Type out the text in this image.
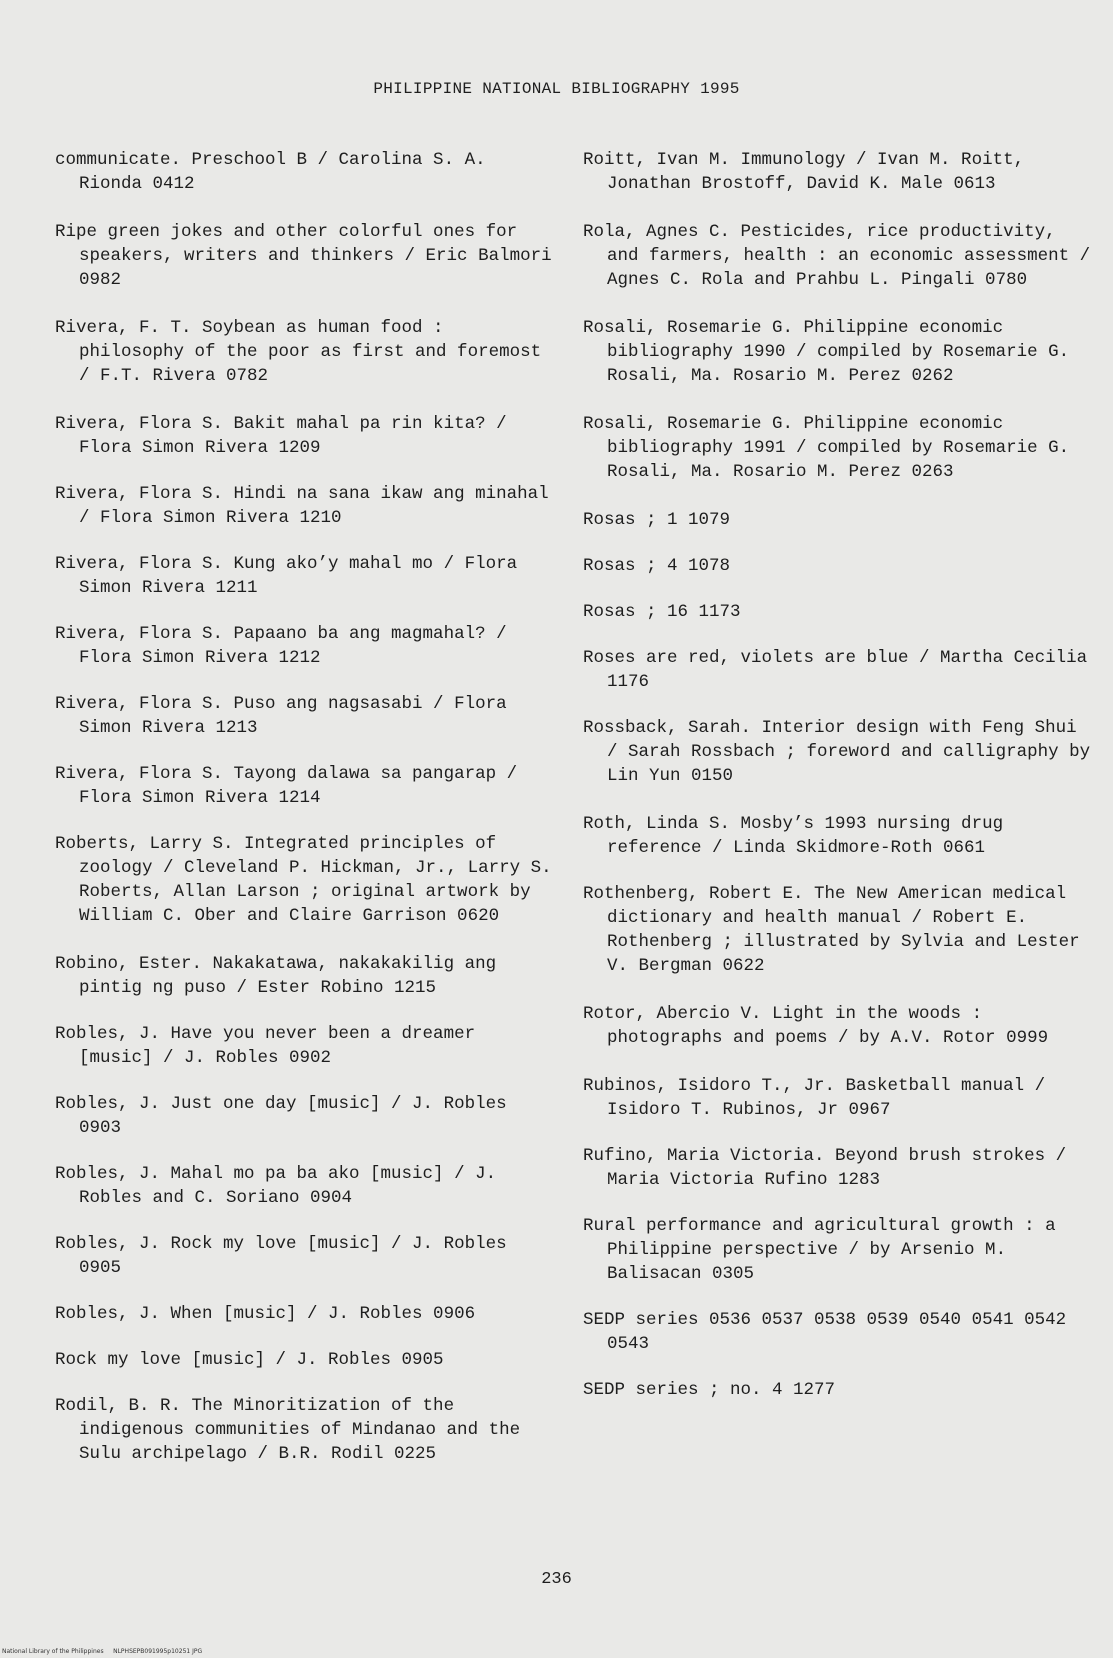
PHILIPPINE NATIONAL BIBLIOGRAPHY 1995

communicate. Preschool B / Carolina S. A. Rionda 0412

Ripe green jokes and other colorful ones for speakers, writers and thinkers / Eric Balmori 0982

Rivera, F. T. Soybean as human food : philosophy of the poor as first and foremost / F.T. Rivera 0782

Rivera, Flora S. Bakit mahal pa rin kita? / Flora Simon Rivera 1209

Rivera, Flora S. Hindi na sana ikaw ang minahal / Flora Simon Rivera 1210

Rivera, Flora S. Kung ako’y mahal mo / Flora Simon Rivera 1211

Rivera, Flora S. Papaano ba ang magmahal? / Flora Simon Rivera 1212

Rivera, Flora S. Puso ang nagsasabi / Flora Simon Rivera 1213

Rivera, Flora S. Tayong dalawa sa pangarap / Flora Simon Rivera 1214

Roberts, Larry S. Integrated principles of zoology / Cleveland P. Hickman, Jr., Larry S. Roberts, Allan Larson ; original artwork by William C. Ober and Claire Garrison 0620

Robino, Ester. Nakakatawa, nakakakilig ang pintig ng puso / Ester Robino 1215

Robles, J. Have you never been a dreamer [music] / J. Robles 0902

Robles, J. Just one day [music] / J. Robles 0903

Robles, J. Mahal mo pa ba ako [music] / J. Robles and C. Soriano 0904

Robles, J. Rock my love [music] / J. Robles 0905

Robles, J. When [music] / J. Robles 0906

Rock my love [music] / J. Robles 0905

Rodil, B. R. The Minoritization of the indigenous communities of Mindanao and the Sulu archipelago / B.R. Rodil 0225

Roitt, Ivan M. Immunology / Ivan M. Roitt, Jonathan Brostoff, David K. Male 0613

Rola, Agnes C. Pesticides, rice productivity, and farmers, health : an economic assessment / Agnes C. Rola and Prahbu L. Pingali 0780

Rosali, Rosemarie G. Philippine economic bibliography 1990 / compiled by Rosemarie G. Rosali, Ma. Rosario M. Perez 0262

Rosali, Rosemarie G. Philippine economic bibliography 1991 / compiled by Rosemarie G. Rosali, Ma. Rosario M. Perez 0263

Rosas ; 1 1079

Rosas ; 4 1078

Rosas ; 16 1173

Roses are red, violets are blue / Martha Cecilia 1176

Rossback, Sarah. Interior design with Feng Shui / Sarah Rossbach ; foreword and calligraphy by Lin Yun 0150

Roth, Linda S. Mosby’s 1993 nursing drug reference / Linda Skidmore-Roth 0661

Rothenberg, Robert E. The New American medical dictionary and health manual / Robert E. Rothenberg ; illustrated by Sylvia and Lester V. Bergman 0622

Rotor, Abercio V. Light in the woods : photographs and poems / by A.V. Rotor 0999

Rubinos, Isidoro T., Jr. Basketball manual / Isidoro T. Rubinos, Jr 0967

Rufino, Maria Victoria. Beyond brush strokes / Maria Victoria Rufino 1283

Rural performance and agricultural growth : a Philippine perspective / by Arsenio M. Balisacan 0305

SEDP series 0536 0537 0538 0539 0540 0541 0542 0543

SEDP series ; no. 4 1277

236
National Library of the Philippines     NLPHSEPB091995p10251 JPG
